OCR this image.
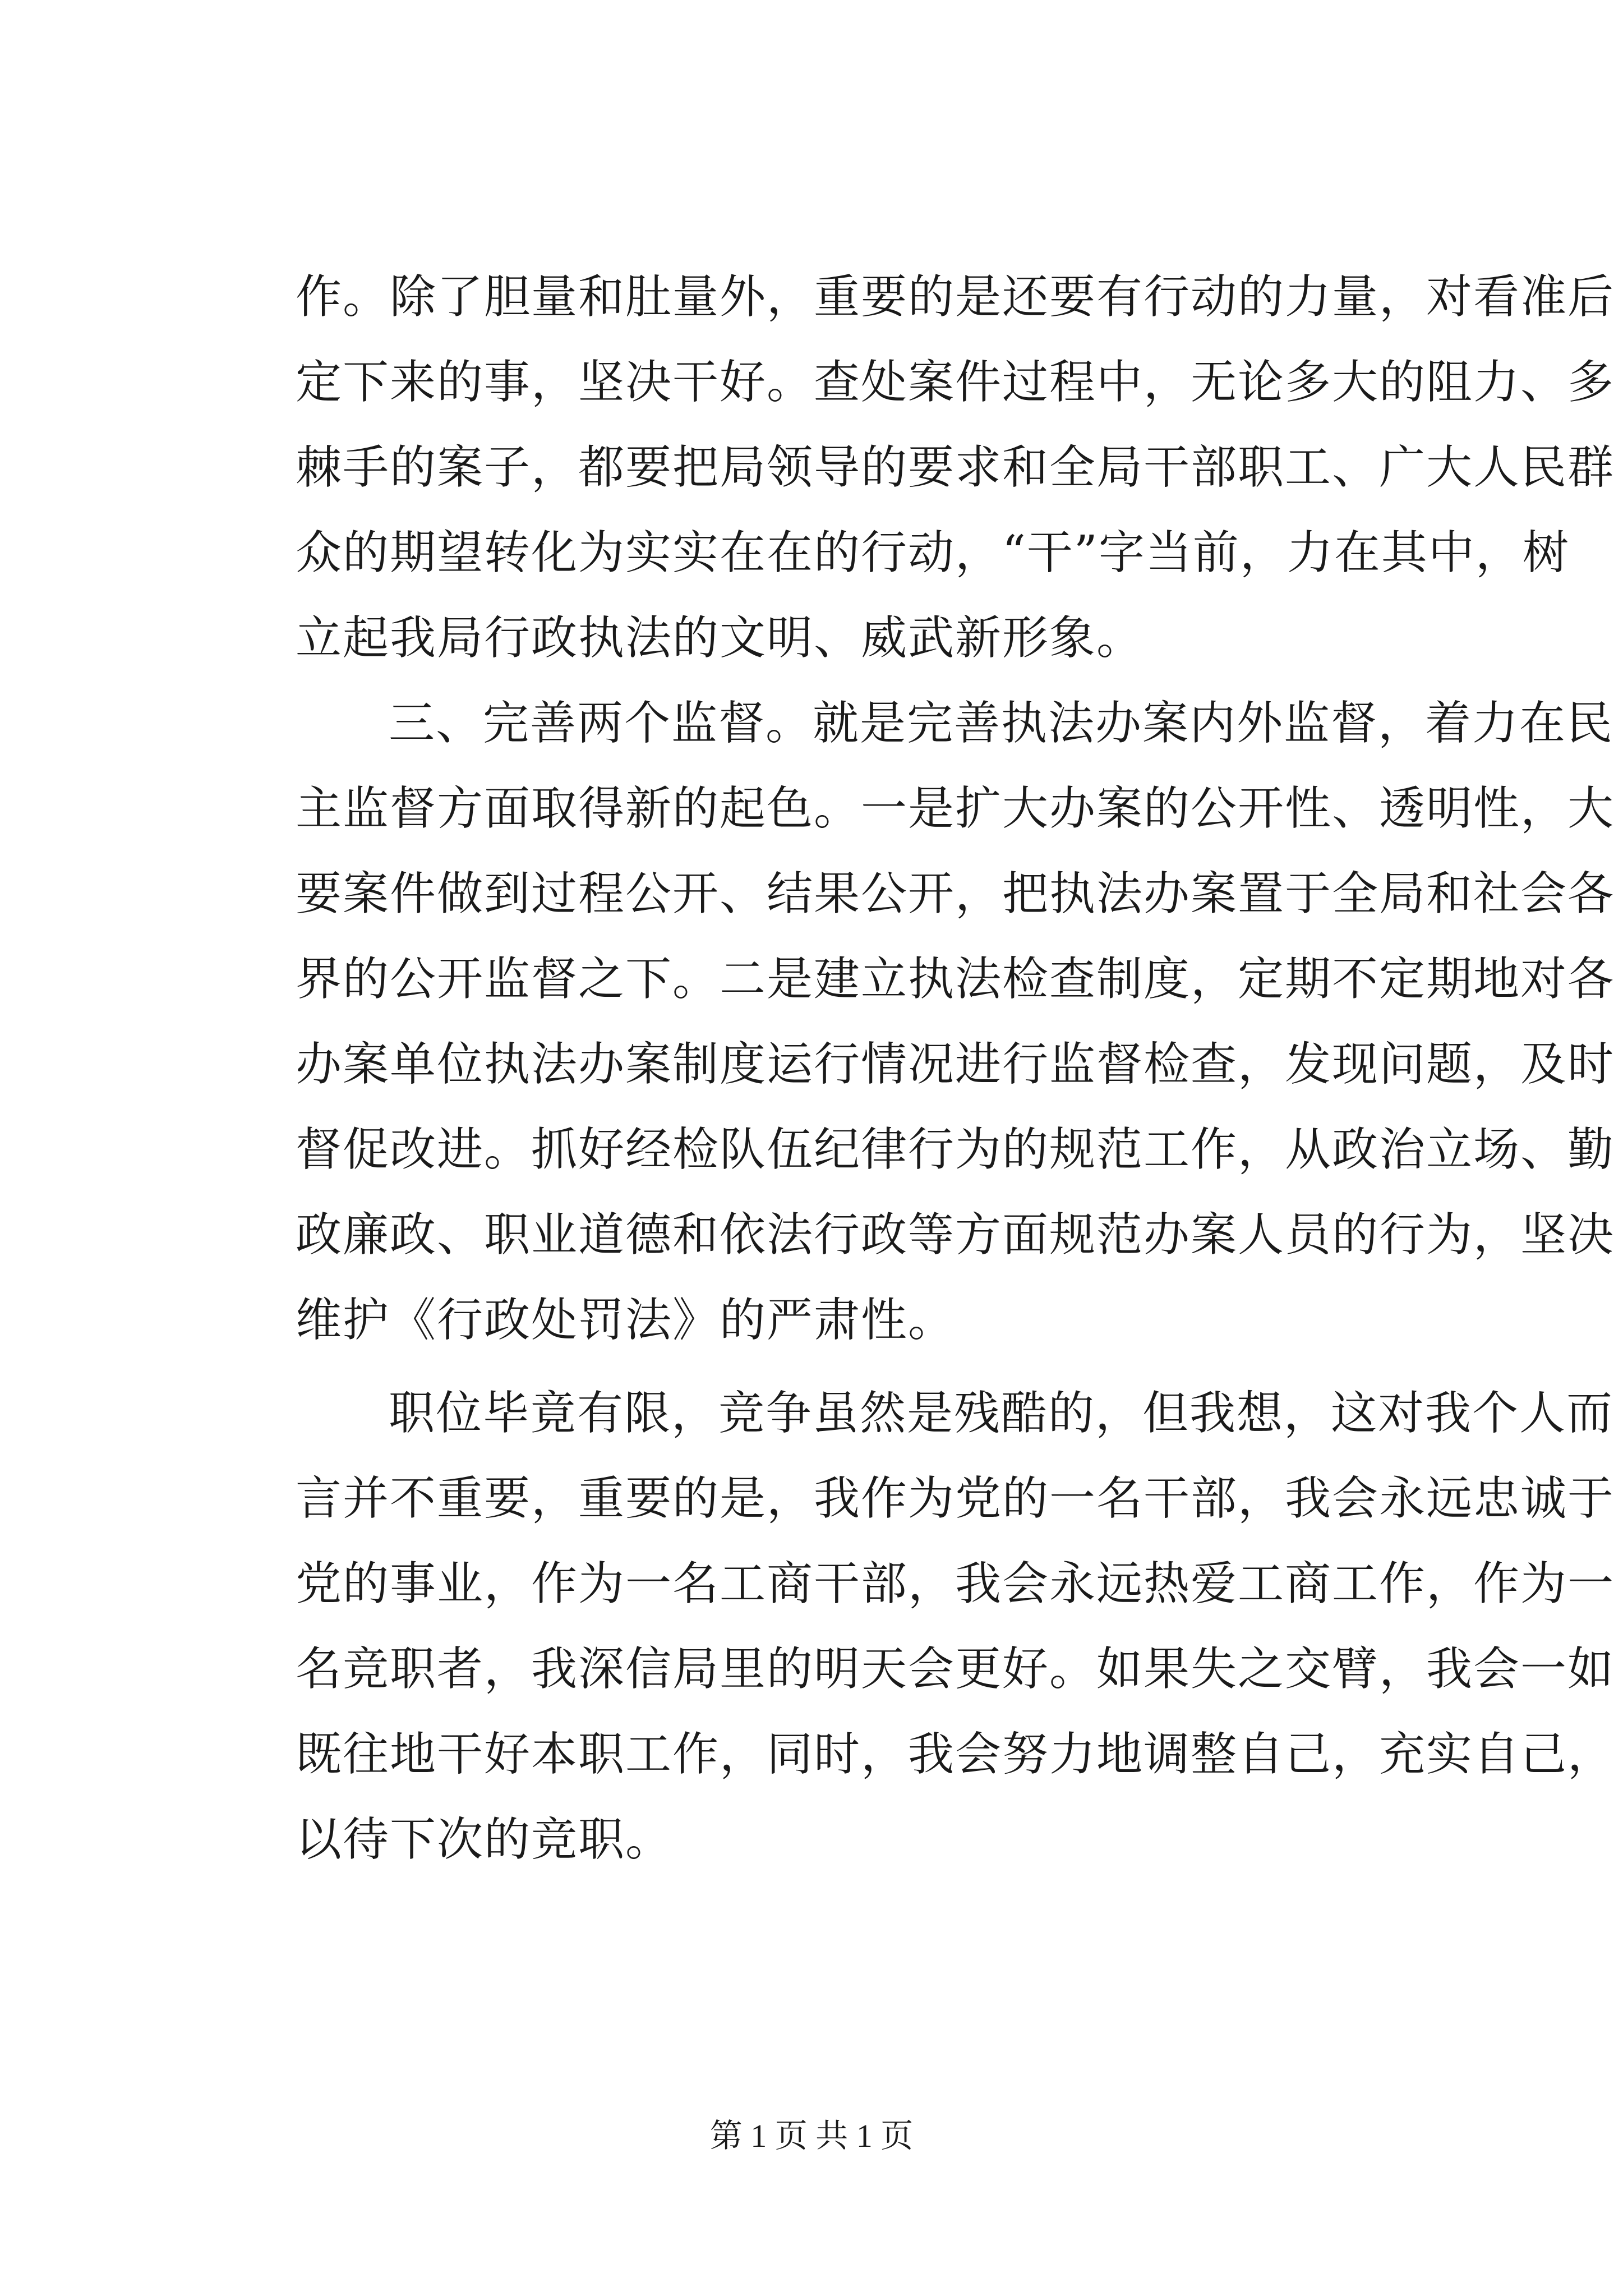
作。除了胆量和肚量外，重要的是还要有行动的力量，对看准后
定下来的事，坚决干好。查处案件过程中，无论多大的阻力、多
棘手的案子，都要把局领导的要求和全局干部职工、广大人民群
众的期望转化为实实在在的行动，“干”字当前，力在其中，树
立起我局行政执法的文明、威武新形象。
三、完善两个监督。就是完善执法办案内外监督，着力在民
主监督方面取得新的起色。一是扩大办案的公开性、透明性，大
要案件做到过程公开、结果公开，把执法办案置于全局和社会各
界的公开监督之下。二是建立执法检查制度，定期不定期地对各
办案单位执法办案制度运行情况进行监督检查，发现问题，及时
督促改进。抓好经检队伍纪律行为的规范工作，从政治立场、勤
政廉政、职业道德和依法行政等方面规范办案人员的行为，坚决
维护《行政处罚法》的严肃性。
职位毕竟有限，竞争虽然是残酷的，但我想，这对我个人而
言并不重要，重要的是，我作为党的一名干部，我会永远忠诚于
党的事业，作为一名工商干部，我会永远热爱工商工作，作为一
名竞职者，我深信局里的明天会更好。如果失之交臂，我会一如
既往地干好本职工作，同时，我会努力地调整自己，充实自己，
以待下次的竞职。
第 1 页 共 1 页
